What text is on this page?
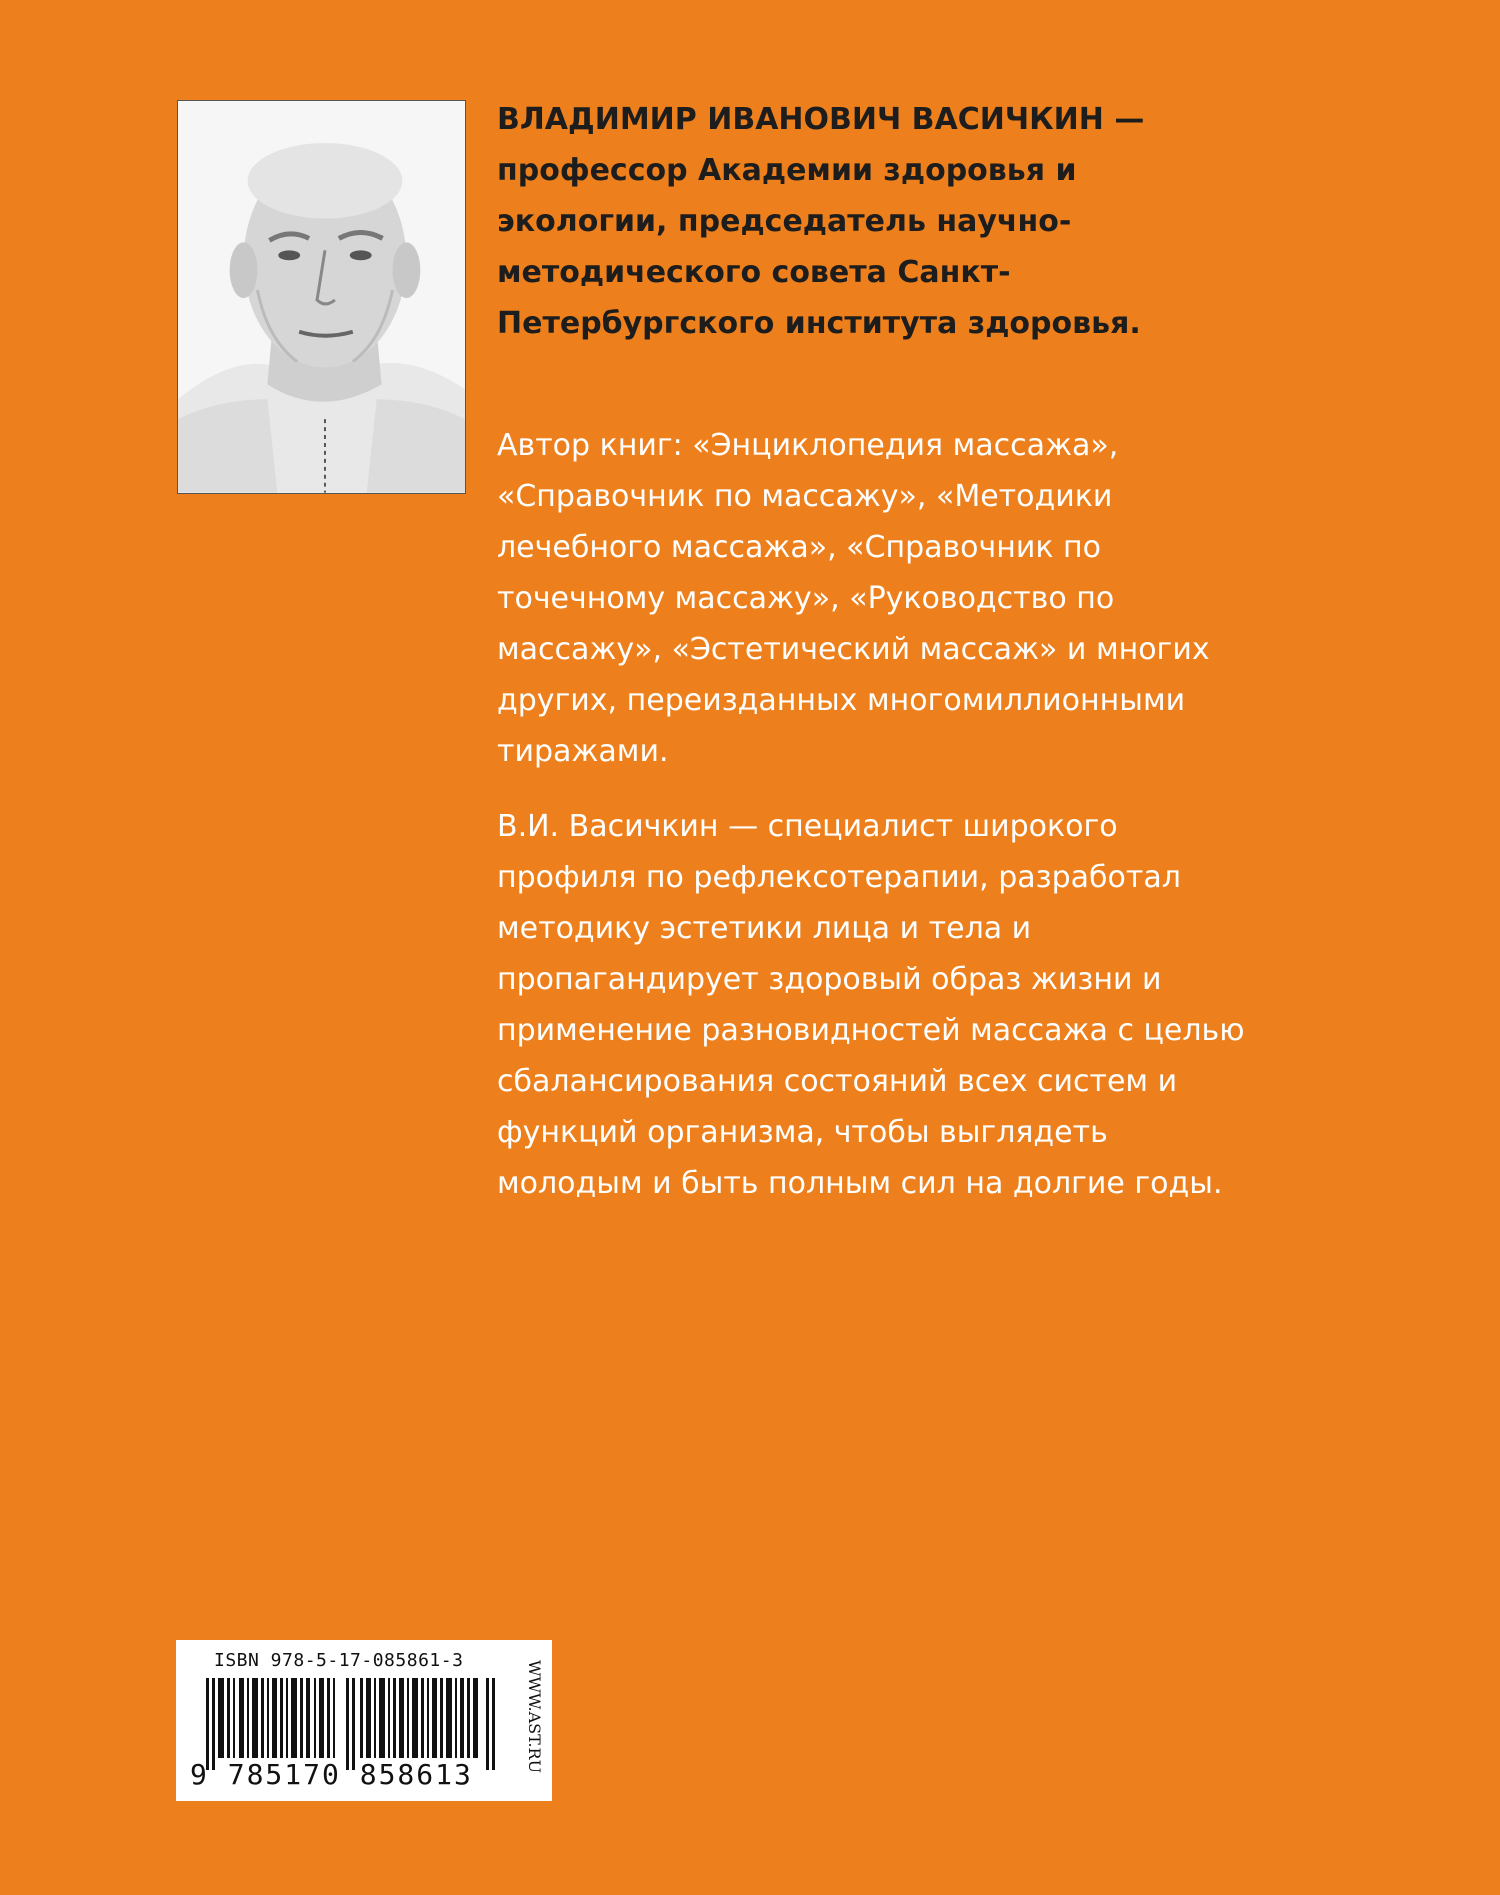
ВЛАДИМИР ИВАНОВИЧ ВАСИЧКИН — профессор Академии здоровья и экологии, председатель научно-методического совета Санкт-Петербургского института здоровья.

Автор книг: «Энциклопедия массажа», «Справочник по массажу», «Методики лечебного массажа», «Справочник по точечному массажу», «Руководство по массажу», «Эстетический массаж» и многих других, переизданных многомиллионными тиражами.

В.И. Васичкин — специалист широкого профиля по рефлексотерапии, разработал методику эстетики лица и тела и пропагандирует здоровый образ жизни и применение разновидностей массажа с целью сбалансирования состояний всех систем и функций организма, чтобы выглядеть молодым и быть полным сил на долгие годы.

ISBN 978-5-17-085861-3
9 785170 858613
WWW.AST.RU
